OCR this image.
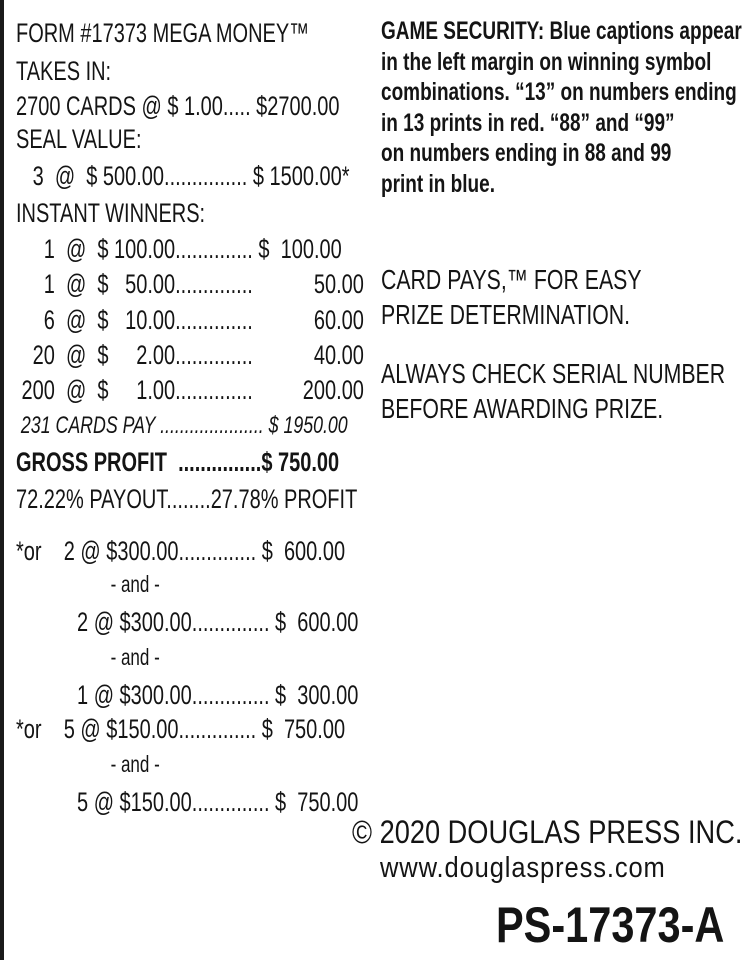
FORM #17373 MEGA MONEY™
TAKES IN:
2700 CARDS @ $ 1.00..... $2700.00
SEAL VALUE:
3  @  $ 500.00............... $ 1500.00*
INSTANT WINNERS:
1  @  $ 100.00.............. $  100.00
1  @  $   50.00..............           50.00
6  @  $   10.00..............           60.00
20  @  $     2.00..............           40.00
200  @  $     1.00..............         200.00
231 CARDS PAY ..................... $ 1950.00
GROSS PROFIT  ...............$ 750.00
72.22% PAYOUT........27.78% PROFIT
*or    2 @ $300.00.............. $  600.00
- and -
2 @ $300.00.............. $  600.00
- and -
1 @ $300.00.............. $  300.00
*or    5 @ $150.00.............. $  750.00
- and -
5 @ $150.00.............. $  750.00
GAME SECURITY: Blue captions appear
in the left margin on winning symbol
combinations. “13” on numbers ending
in 13 prints in red. “88” and “99”
on numbers ending in 88 and 99
print in blue.
CARD PAYS,™ FOR EASY
PRIZE DETERMINATION.
ALWAYS CHECK SERIAL NUMBER
BEFORE AWARDING PRIZE.
© 2020 DOUGLAS PRESS INC.
www.douglaspress.com
PS-17373-A
